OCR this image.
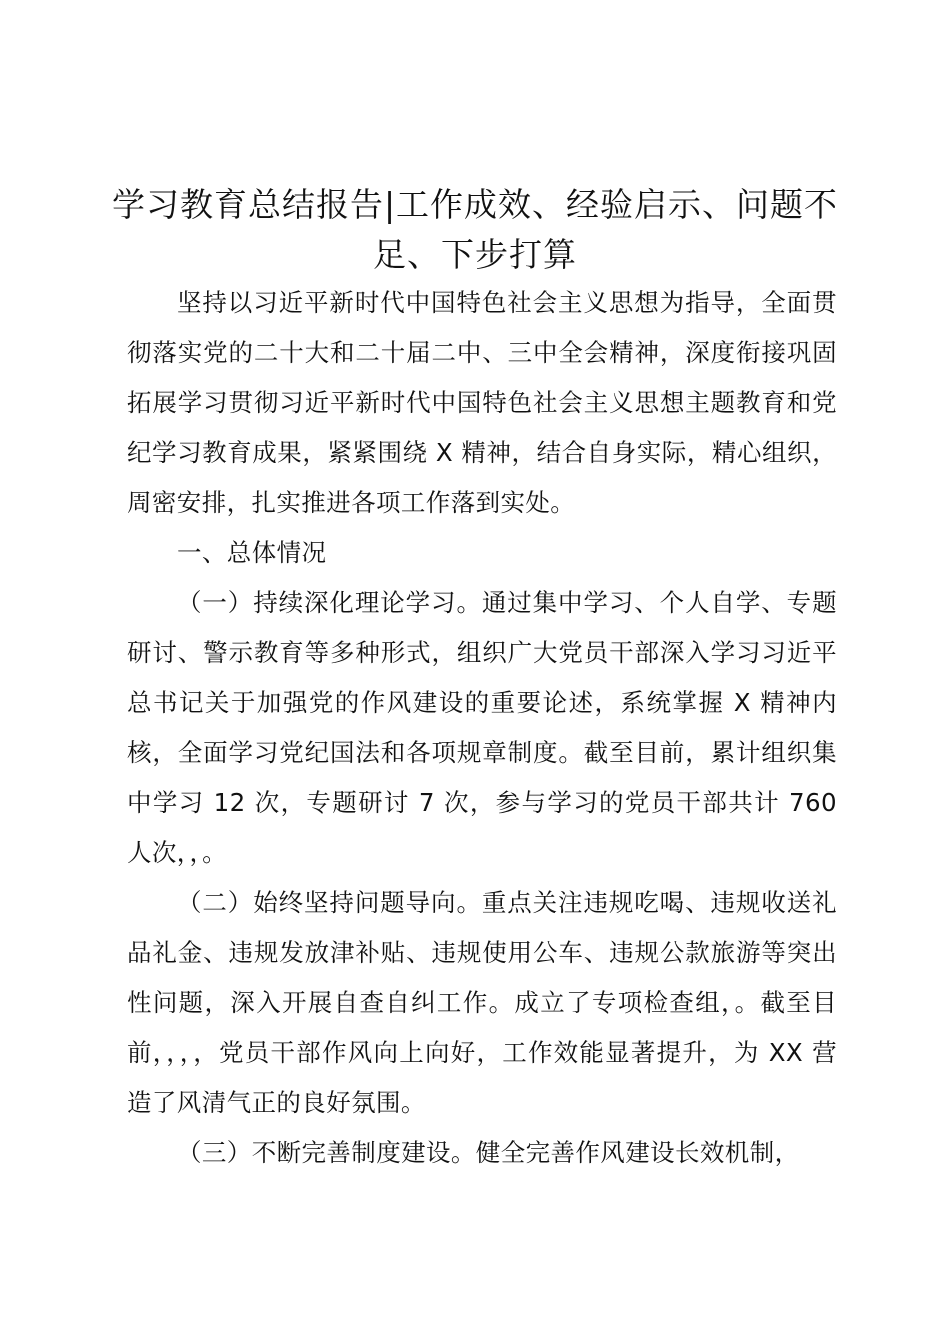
学习教育总结报告|工作成效、经验启示、问题不足、下步打算

坚持以习近平新时代中国特色社会主义思想为指导，全面贯彻落实党的二十大和二十届二中、三中全会精神，深度衔接巩固拓展学习贯彻习近平新时代中国特色社会主义思想主题教育和党纪学习教育成果，紧紧围绕 X 精神，结合自身实际，精心组织，周密安排，扎实推进各项工作落到实处。

一、总体情况

（一）持续深化理论学习。通过集中学习、个人自学、专题研讨、警示教育等多种形式，组织广大党员干部深入学习习近平总书记关于加强党的作风建设的重要论述，系统掌握 X 精神内核，全面学习党纪国法和各项规章制度。截至目前，累计组织集中学习 12 次，专题研讨 7 次，参与学习的党员干部共计 760 人次，，。

（二）始终坚持问题导向。重点关注违规吃喝、违规收送礼品礼金、违规发放津补贴、违规使用公车、违规公款旅游等突出性问题，深入开展自查自纠工作。成立了专项检查组，。截至目前，，，，党员干部作风向上向好，工作效能显著提升，为 XX 营造了风清气正的良好氛围。

（三）不断完善制度建设。健全完善作风建设长效机制，
